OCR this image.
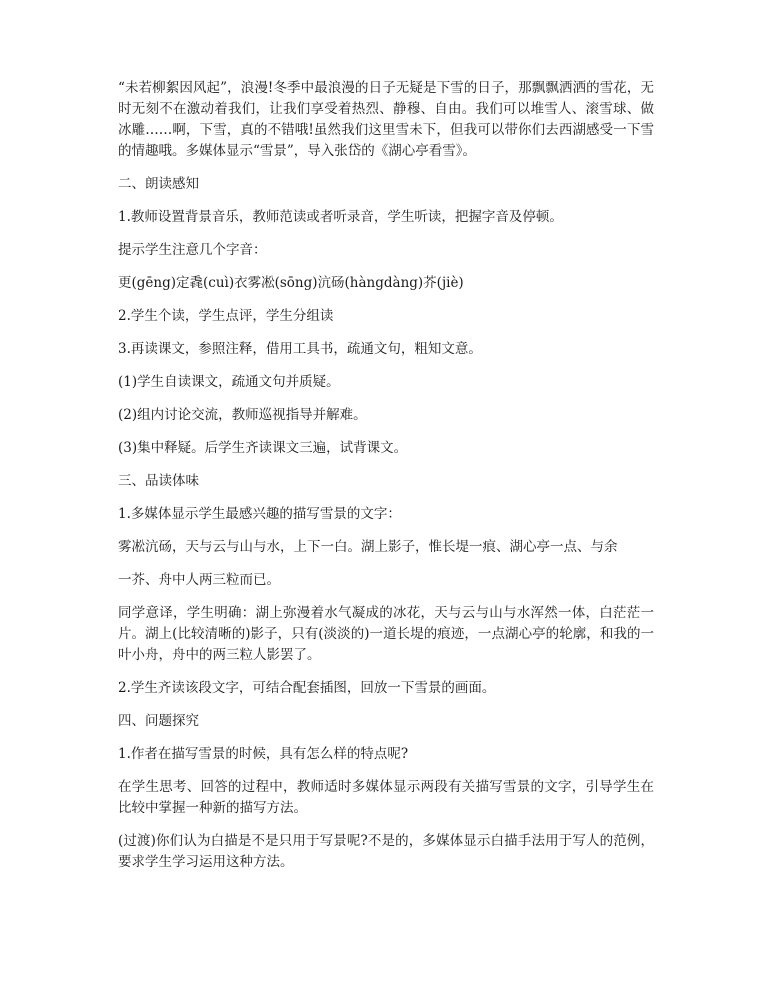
“未若柳絮因风起”，浪漫!冬季中最浪漫的日子无疑是下雪的日子，那飘飘洒洒的雪花，无时无刻不在激动着我们，让我们享受着热烈、静穆、自由。我们可以堆雪人、滚雪球、做冰雕……啊，下雪，真的不错哦!虽然我们这里雪未下，但我可以带你们去西湖感受一下雪的情趣哦。多媒体显示“雪景”，导入张岱的《湖心亭看雪》。

二、朗读感知

1.教师设置背景音乐，教师范读或者听录音，学生听读，把握字音及停顿。

提示学生注意几个字音：

更(gēng)定毳(cuì)衣雾凇(sōng)沆砀(hàngdàng)芥(jiè)

2.学生个读，学生点评，学生分组读

3.再读课文，参照注释，借用工具书，疏通文句，粗知文意。

(1)学生自读课文，疏通文句并质疑。

(2)组内讨论交流，教师巡视指导并解难。

(3)集中释疑。后学生齐读课文三遍，试背课文。

三、品读体味

1.多媒体显示学生最感兴趣的描写雪景的文字：

雾凇沆砀，天与云与山与水，上下一白。湖上影子，惟长堤一痕、湖心亭一点、与余

一芥、舟中人两三粒而已。

同学意译，学生明确：湖上弥漫着水气凝成的冰花，天与云与山与水浑然一体，白茫茫一片。湖上(比较清晰的)影子，只有(淡淡的)一道长堤的痕迹，一点湖心亭的轮廓，和我的一叶小舟，舟中的两三粒人影罢了。

2.学生齐读该段文字，可结合配套插图，回放一下雪景的画面。

四、问题探究

1.作者在描写雪景的时候，具有怎么样的特点呢?

在学生思考、回答的过程中，教师适时多媒体显示两段有关描写雪景的文字，引导学生在比较中掌握一种新的描写方法。

(过渡)你们认为白描是不是只用于写景呢?不是的，多媒体显示白描手法用于写人的范例，要求学生学习运用这种方法。
